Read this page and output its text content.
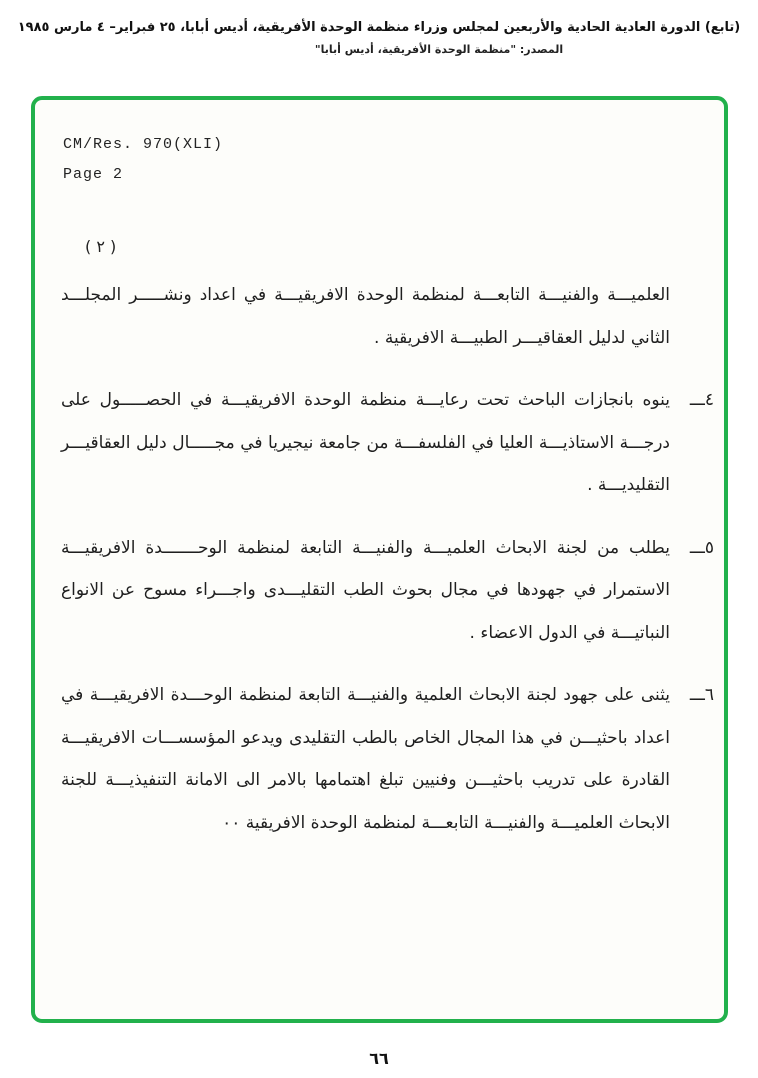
(تابع) الدورة العادية الحادية والأربعين لمجلس وزراء منظمة الوحدة الأفريقية، أديس أبابا، ٢٥ فبراير– ٤ مارس ١٩٨٥
المصدر: "منظمة الوحدة الأفريقية، أديس أبابا"
CM/Res. 970(XLI)
Page 2
( ٢ )

العلميـــة والفنيـــة التابعـــة لمنظمة الوحدة الافريقيـــة في اعداد ونشـــــر المجلـــد الثاني لدليل العقاقيـــر الطبيـــة الافريقية .

٤ـــ

ينوه بانجازات الباحث تحت رعايـــة منظمة الوحدة الافريقيـــة في الحصـــــول على درجـــة الاستاذيـــة العليا في الفلسفـــة من جامعة نيجيريا في مجـــــال دليل العقاقيـــر التقليديـــة .

٥ـــ

يطلب من لجنة الابحاث العلميـــة والفنيـــة التابعة لمنظمة الوحـــــــدة الافريقيـــة الاستمرار في جهودها في مجال بحوث الطب التقليـــدى واجـــراء مسوح عن الانواع النباتيـــة في الدول الاعضاء .

٦ـــ

يثنى على جهود لجنة الابحاث العلمية والفنيـــة التابعة لمنظمة الوحـــدة الافريقيـــة في اعداد باحثيـــن في هذا المجال الخاص بالطب التقليدى ويدعو المؤسســـات الافريقيـــة القادرة على تدريب باحثيـــن وفنيين تبلغ اهتمامها بالامر الى الامانة التنفيذيـــة للجنة الابحاث العلميـــة والفنيـــة التابعـــة لمنظمة الوحدة الافريقية ٠٠

٦٦
